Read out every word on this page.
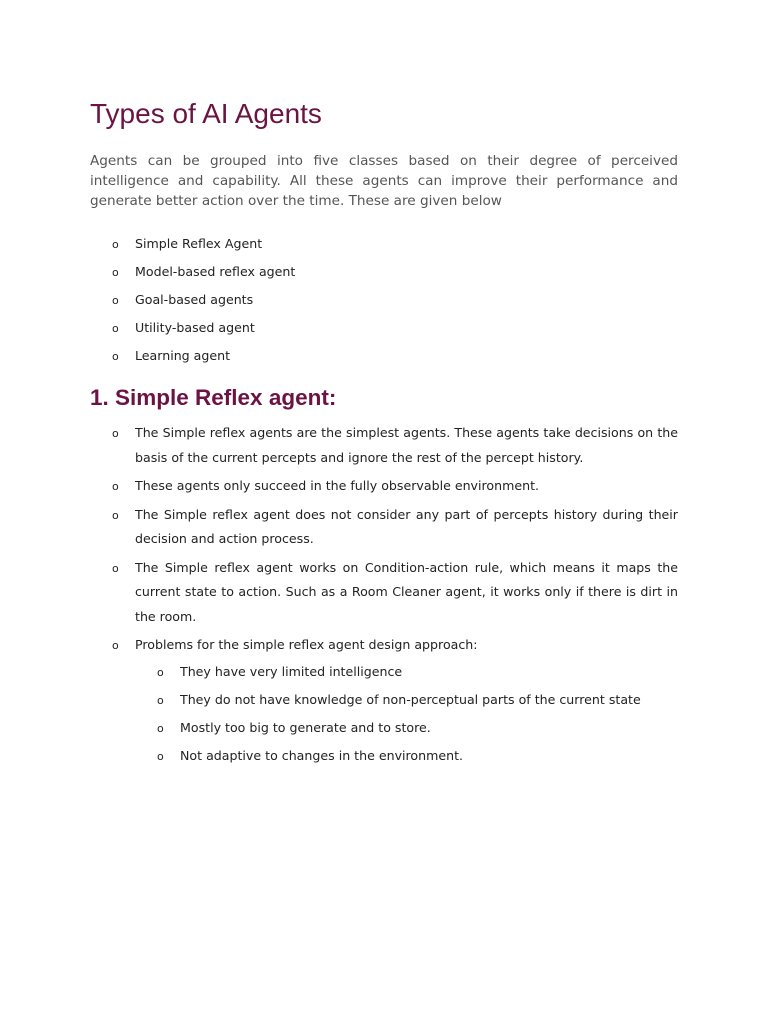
Types of AI Agents

Agents can be grouped into five classes based on their degree of perceived intelligence and capability. All these agents can improve their performance and generate better action over the time. These are given below

o Simple Reflex Agent
o Model-based reflex agent
o Goal-based agents
o Utility-based agent
o Learning agent
1. Simple Reflex agent:
o The Simple reflex agents are the simplest agents. These agents take decisions on the basis of the current percepts and ignore the rest of the percept history.
o These agents only succeed in the fully observable environment.
o The Simple reflex agent does not consider any part of percepts history during their decision and action process.
o The Simple reflex agent works on Condition-action rule, which means it maps the current state to action. Such as a Room Cleaner agent, it works only if there is dirt in the room.
o Problems for the simple reflex agent design approach:
o They have very limited intelligence
o They do not have knowledge of non-perceptual parts of the current state
o Mostly too big to generate and to store.
o Not adaptive to changes in the environment.
